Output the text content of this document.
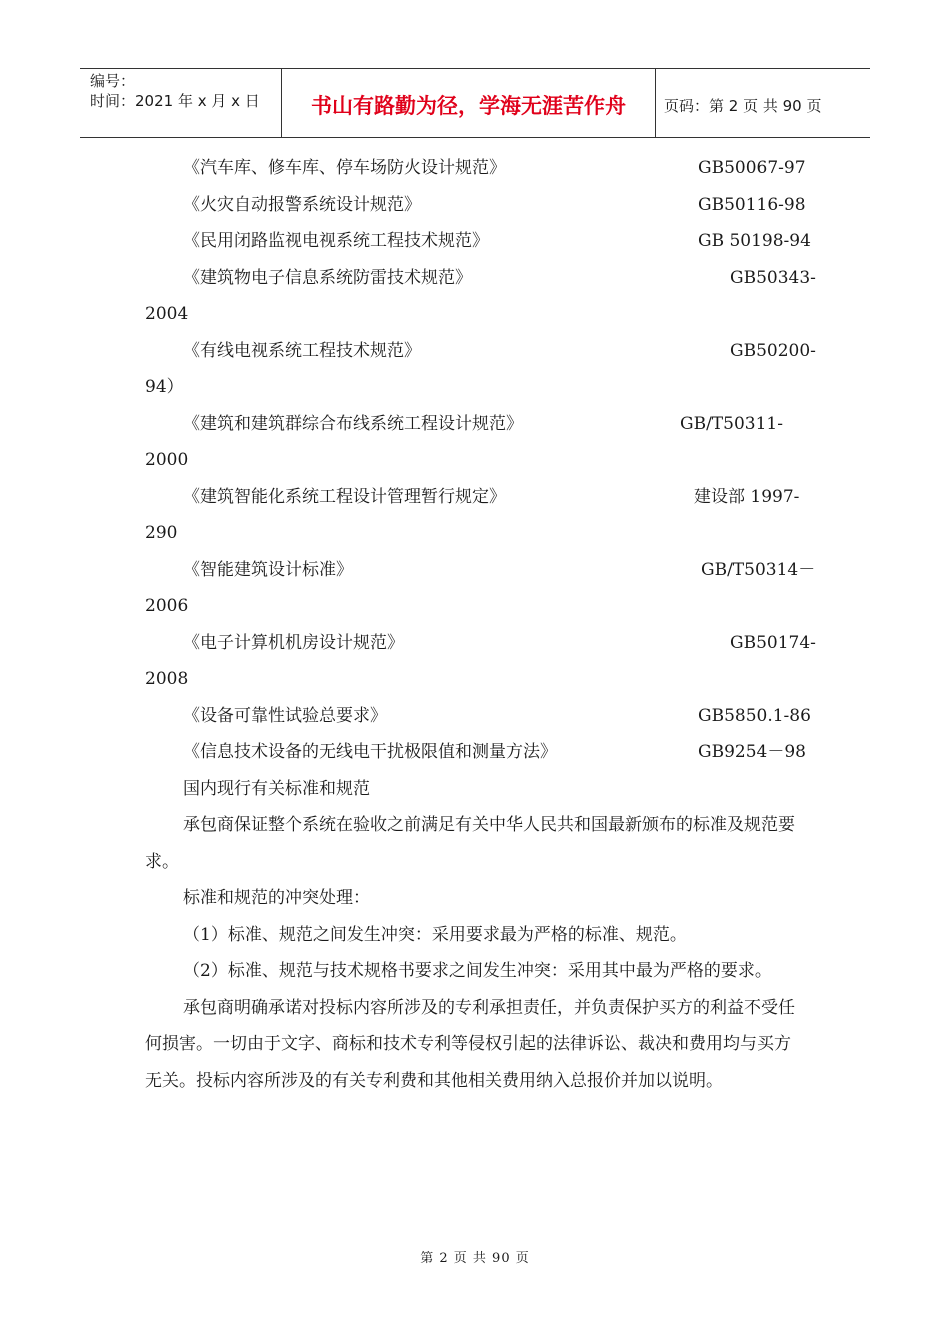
编号：
时间：2021 年 x 月 x 日	书山有路勤为径，学海无涯苦作舟	页码：第 2 页 共 90 页
《汽车库、修车库、停车场防火设计规范》	GB50067-97
《火灾自动报警系统设计规范》	GB50116-98
《民用闭路监视电视系统工程技术规范》	GB 50198-94
《建筑物电子信息系统防雷技术规范》	GB50343-
2004
《有线电视系统工程技术规范》	GB50200-
94）
《建筑和建筑群综合布线系统工程设计规范》	GB/T50311-
2000
《建筑智能化系统工程设计管理暂行规定》	建设部 1997-
290
《智能建筑设计标准》	GB/T50314－
2006
《电子计算机机房设计规范》	GB50174-
2008
《设备可靠性试验总要求》	GB5850.1-86
《信息技术设备的无线电干扰极限值和测量方法》	GB9254－98

国内现行有关标准和规范

承包商保证整个系统在验收之前满足有关中华人民共和国最新颁布的标准及规范要求。

标准和规范的冲突处理：

（1）标准、规范之间发生冲突：采用要求最为严格的标准、规范。

（2）标准、规范与技术规格书要求之间发生冲突：采用其中最为严格的要求。

承包商明确承诺对投标内容所涉及的专利承担责任，并负责保护买方的利益不受任何损害。一切由于文字、商标和技术专利等侵权引起的法律诉讼、裁决和费用均与买方无关。投标内容所涉及的有关专利费和其他相关费用纳入总报价并加以说明。

第 2 页 共 90 页
